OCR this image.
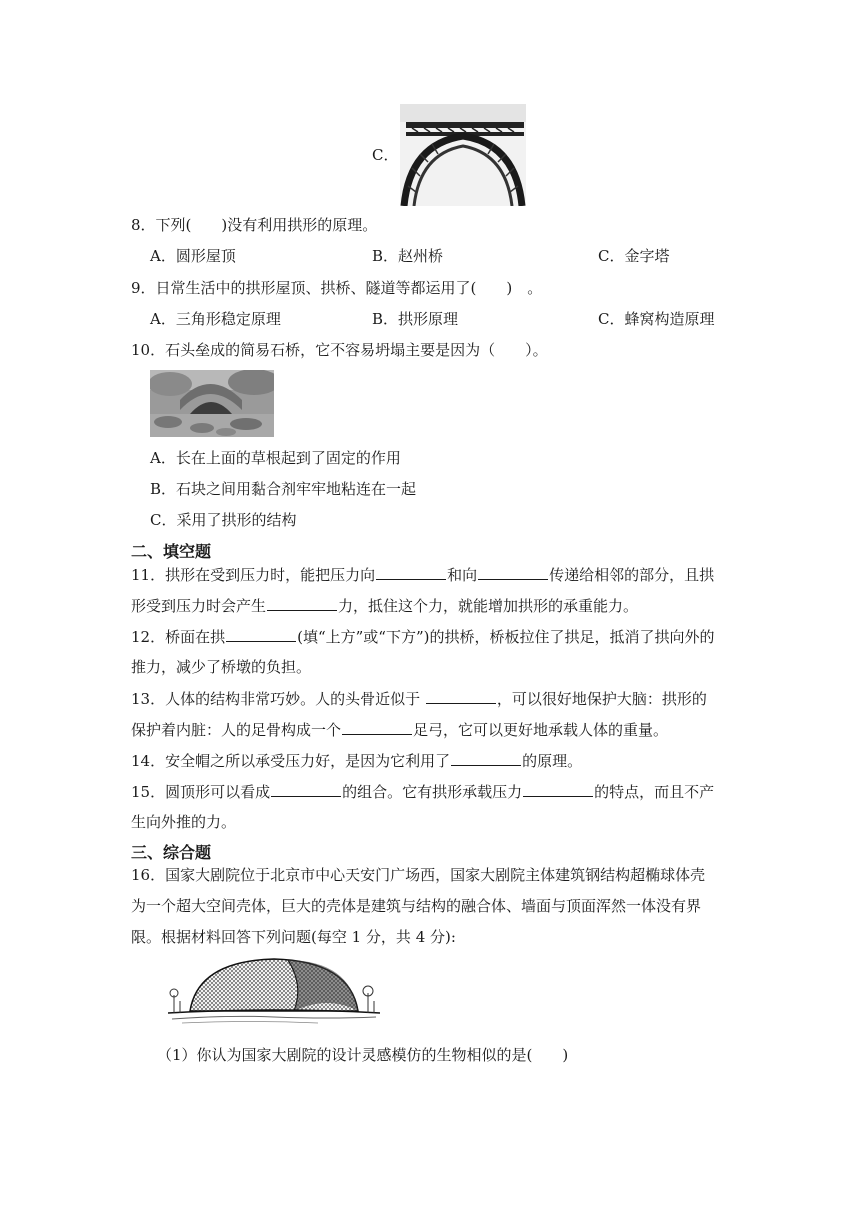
C．
8．下列(　　)没有利用拱形的原理。
A．圆形屋顶	B．赵州桥	C．金字塔
9．日常生活中的拱形屋顶、拱桥、隧道等都运用了(　　)　。
A．三角形稳定原理	B．拱形原理	C．蜂窝构造原理
10．石头垒成的简易石桥，它不容易坍塌主要是因为（　　）。
A．长在上面的草根起到了固定的作用
B．石块之间用黏合剂牢牢地粘连在一起
C．采用了拱形的结构
二、填空题
11．拱形在受到压力时，能把压力向	和向	传递给相邻的部分，且拱
形受到压力时会产生	力，抵住这个力，就能增加拱形的承重能力。
12．桥面在拱	(填“上方”或“下方”)的拱桥，桥板拉住了拱足，抵消了拱向外的
推力，减少了桥墩的负担。
13．人体的结构非常巧妙。人的头骨近似于	，可以很好地保护大脑：拱形的
保护着内脏：人的足骨构成一个	足弓，它可以更好地承载人体的重量。
14．安全帽之所以承受压力好，是因为它利用了	的原理。
15．圆顶形可以看成	的组合。它有拱形承载压力	的特点，而且不产
生向外推的力。
三、综合题
16．国家大剧院位于北京市中心天安门广场西，国家大剧院主体建筑钢结构超椭球体壳
为一个超大空间壳体，巨大的壳体是建筑与结构的融合体、墙面与顶面浑然一体没有界
限。根据材料回答下列问题(每空 1 分，共 4 分):
（1）你认为国家大剧院的设计灵感模仿的生物相似的是(　　)
